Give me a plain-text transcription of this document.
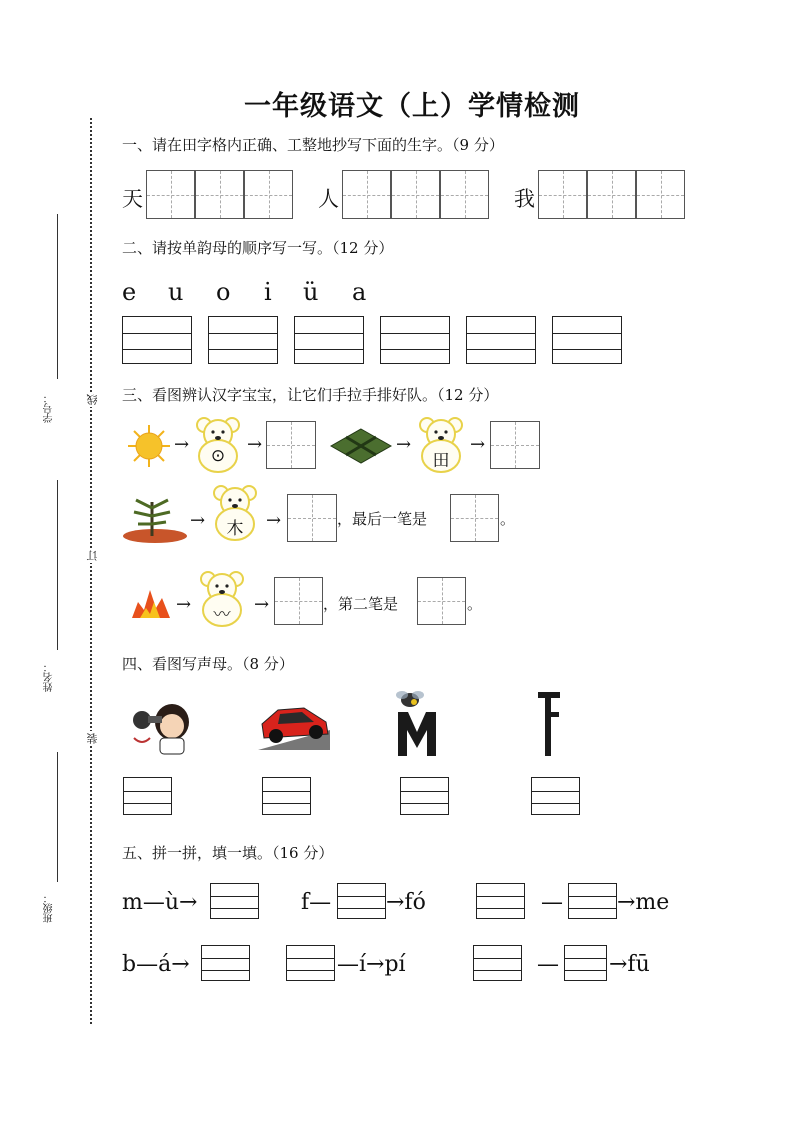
线
订
装
学号：
姓名：
班级：
一年级语文（上）学情检测
一、请在田字格内正确、工整地抄写下面的生字。（9 分）
天	人	我
二、请按单韵母的顺序写一写。（12 分）
e u o i ü a
三、看图辨认汉字宝宝，让它们手拉手排好队。（12 分）
→
⊙
→	→
田
→
→	木	→	，最后一笔是	。
→	〰	→	，第二笔是	。
四、看图写声母。（8 分）
五、拼一拼，填一填。（16 分）
m—ù→	f— →fó	— →me
b—á→	—í→pí	— →fū
